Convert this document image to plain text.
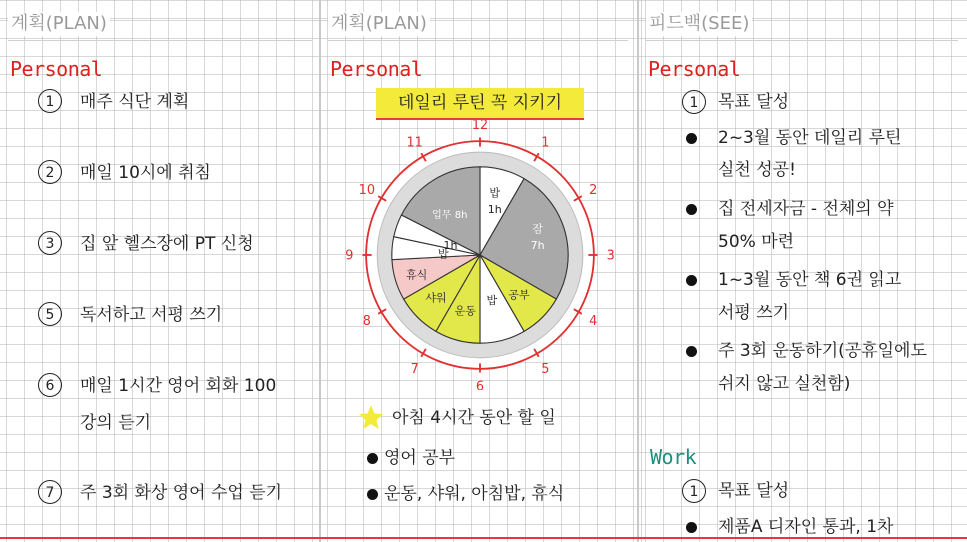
계획(PLAN)	계획(PLAN)	피드백(SEE)
Personal	Personal	Personal
1	매주 식단 계획
2	매일 10시에 취침
3	집 앞 헬스장에 PT 신청
5	독서하고 서평 쓰기
6	매일 1시간 영어 회화 100
강의 듣기
7	주 3회 화상 영어 수업 듣기
데일리 루틴 꼭 지키기
밥
1h
잠
7h
공부
밥
운동
샤워
휴식
밥
1h
업무 8h
12
1
2
3
4
5
6
7
8
9
10
11
아침 4시간 동안 할 일
영어 공부
운동, 샤워, 아침밥, 휴식
1	목표 달성
2~3월 동안 데일리 루틴
실천 성공!
집 전세자금 - 전체의 약
50% 마련
1~3월 동안 책 6권 읽고
서평 쓰기
주 3회 운동하기(공휴일에도
쉬지 않고 실천함)
Work
1	목표 달성
제품A 디자인 통과, 1차
